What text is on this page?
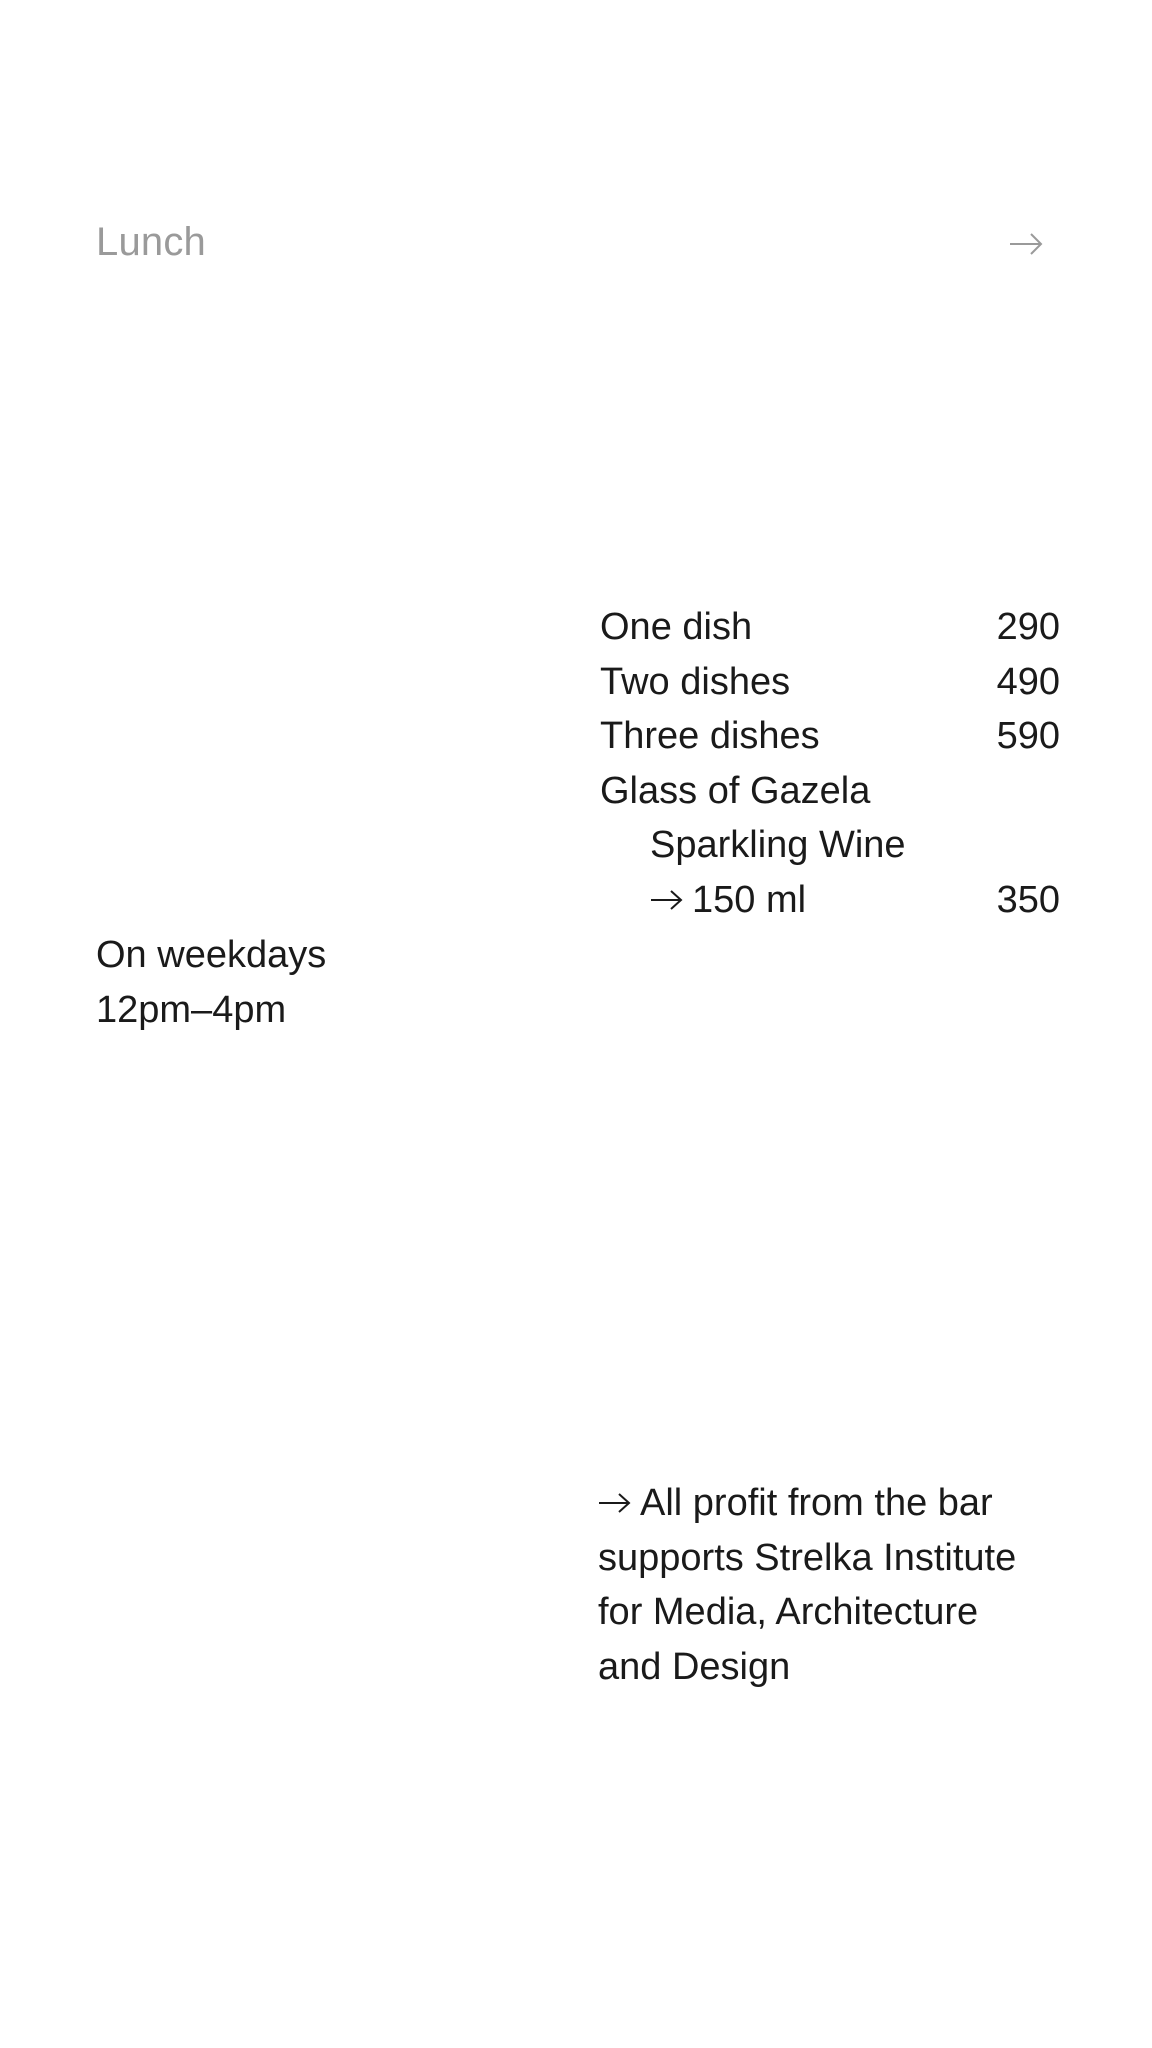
Lunch
One dish	290
Two dishes	490
Three dishes	590
Glass of Gazela
Sparkling Wine
150 ml	350
On weekdays
12pm–4pm
All profit from the bar
supports Strelka Institute
for Media, Architecture
and Design
